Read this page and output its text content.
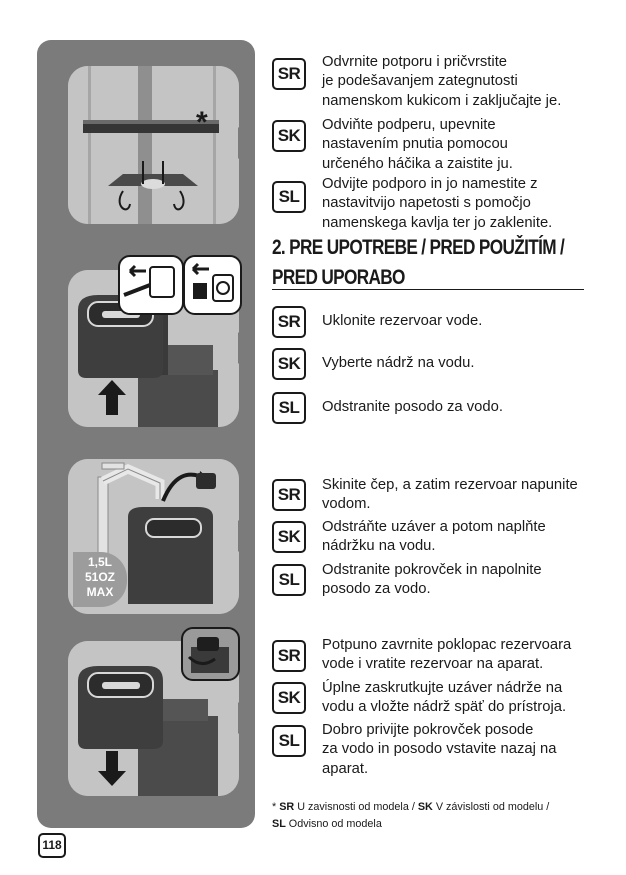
*
1,5L
51OZ
MAX
SR
Odvrnite potporu i pričvrstite
je podešavanjem zategnutosti
namenskom kukicom i zaključajte je.
SK
Odviňte podperu, upevnite
nastavením pnutia pomocou
určeného háčika a zaistite ju.
SL
Odvijte podporo in jo namestite z
nastavitvijo napetosti s pomočjo
namenskega kavlja ter jo zaklenite.
2. PRE UPOTREBE / PRED POUŽITÍM / PRED UPORABO
SR	Uklonite rezervoar vode.
SK	Vyberte nádrž na vodu.
SL	Odstranite posodo za vodo.
SR	Skinite čep, a zatim rezervoar napunite
vodom.
SK	Odstráňte uzáver a potom naplňte
nádržku na vodu.
SL	Odstranite pokrovček in napolnite
posodo za vodo.
SR
Potpuno zavrnite poklopac rezervoara
vode i vratite rezervoar na aparat.
SK	Úplne zaskrutkujte uzáver nádrže na
vodu a vložte nádrž späť do prístroja.
SL
Dobro privijte pokrovček posode
za vodo in posodo vstavite nazaj na
aparat.
* SR U zavisnosti od modela / SK V závislosti od modelu /
SL Odvisno od modela
118
